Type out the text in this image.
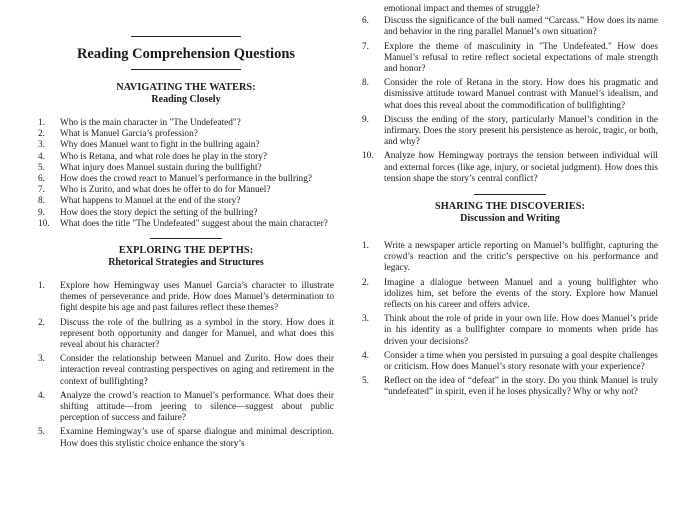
Reading Comprehension Questions
NAVIGATING THE WATERS:
Reading Closely
1. Who is the main character in "The Undefeated"?
2. What is Manuel Garcia’s profession?
3. Why does Manuel want to fight in the bullring again?
4. Who is Retana, and what role does he play in the story?
5. What injury does Manuel sustain during the bullfight?
6. How does the crowd react to Manuel’s performance in the bullring?
7. Who is Zurito, and what does he offer to do for Manuel?
8. What happens to Manuel at the end of the story?
9. How does the story depict the setting of the bullring?
10. What does the title "The Undefeated" suggest about the main character?
EXPLORING THE DEPTHS:
Rhetorical Strategies and Structures
1. Explore how Hemingway uses Manuel Garcia’s character to illustrate themes of perseverance and pride. How does Manuel’s determination to fight despite his age and past failures reflect these themes?
2. Discuss the role of the bullring as a symbol in the story. How does it represent both opportunity and danger for Manuel, and what does this reveal about his character?
3. Consider the relationship between Manuel and Zurito. How does their interaction reveal contrasting perspectives on aging and retirement in the context of bullfighting?
4. Analyze the crowd’s reaction to Manuel’s performance. What does their shifting attitude—from jeering to silence—suggest about public perception of success and failure?
5. Examine Hemingway’s use of sparse dialogue and minimal description. How does this stylistic choice enhance the story’s
emotional impact and themes of struggle?
6. Discuss the significance of the bull named “Carcass.” How does its name and behavior in the ring parallel Manuel’s own situation?
7. Explore the theme of masculinity in "The Undefeated." How does Manuel’s refusal to retire reflect societal expectations of male strength and honor?
8. Consider the role of Retana in the story. How does his pragmatic and dismissive attitude toward Manuel contrast with Manuel’s idealism, and what does this reveal about the commodification of bullfighting?
9. Discuss the ending of the story, particularly Manuel’s condition in the infirmary. Does the story present his persistence as heroic, tragic, or both, and why?
10. Analyze how Hemingway portrays the tension between individual will and external forces (like age, injury, or societal judgment). How does this tension shape the story’s central conflict?
SHARING THE DISCOVERIES:
Discussion and Writing
1. Write a newspaper article reporting on Manuel’s bullfight, capturing the crowd’s reaction and the critic’s perspective on his performance and legacy.
2. Imagine a dialogue between Manuel and a young bullfighter who idolizes him, set before the events of the story. Explore how Manuel reflects on his career and offers advice.
3. Think about the role of pride in your own life. How does Manuel’s pride in his identity as a bullfighter compare to moments when pride has driven your decisions?
4. Consider a time when you persisted in pursuing a goal despite challenges or criticism. How does Manuel’s story resonate with your experience?
5. Reflect on the idea of “defeat” in the story. Do you think Manuel is truly “undefeated” in spirit, even if he loses physically? Why or why not?
